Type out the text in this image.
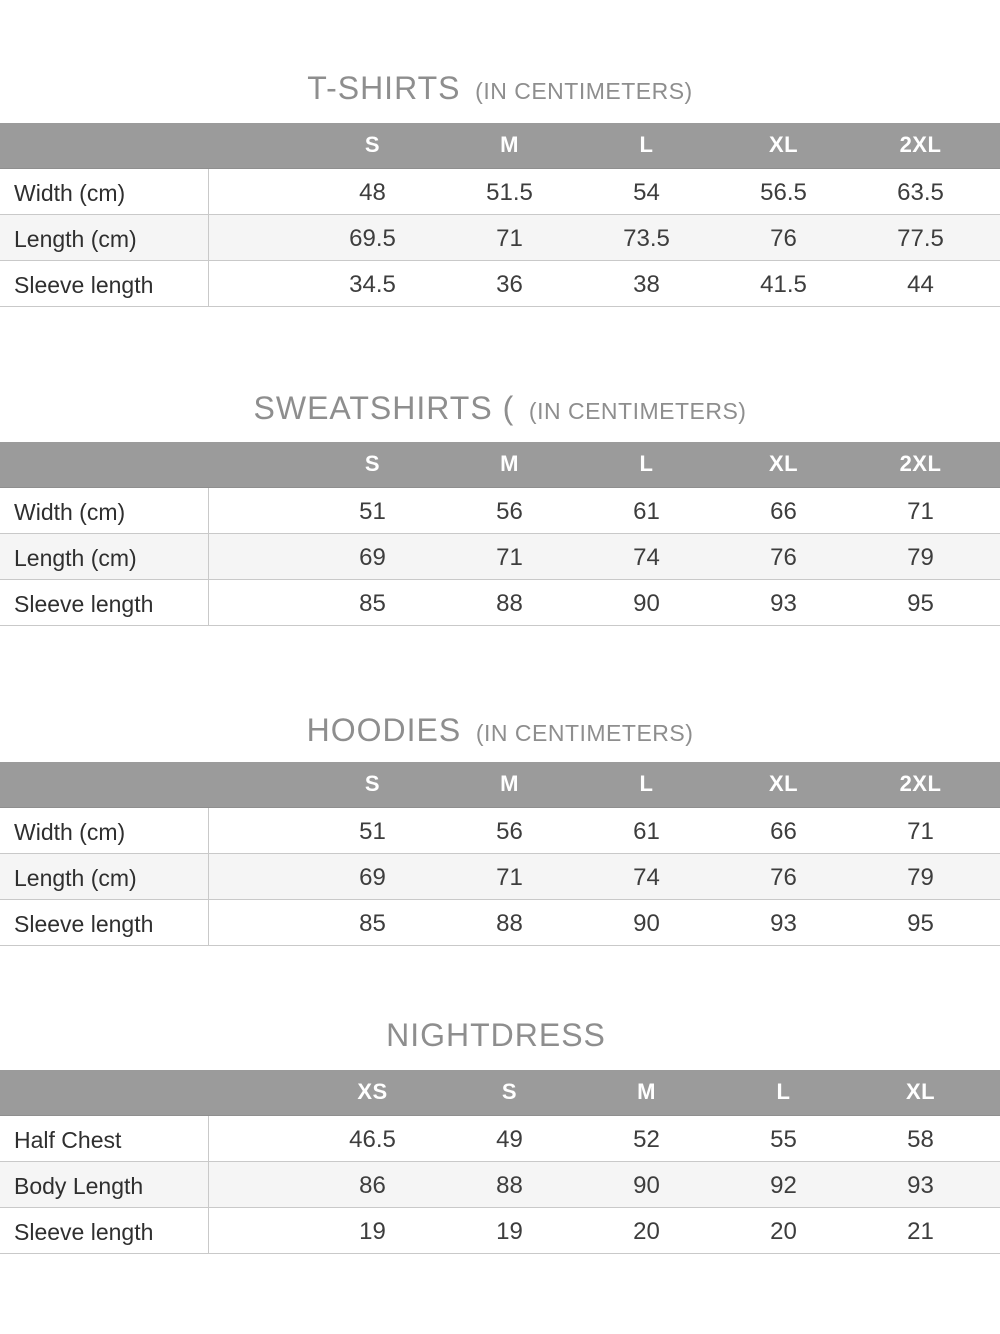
T-SHIRTS (IN CENTIMETERS)
		S	M	L	XL	2XL	
Width (cm)		48	51.5	54	56.5	63.5	
Length (cm)		69.5	71	73.5	76	77.5	
Sleeve length		34.5	36	38	41.5	44	
SWEATSHIRTS ( (IN CENTIMETERS)
		S	M	L	XL	2XL	
Width (cm)		51	56	61	66	71	
Length (cm)		69	71	74	76	79	
Sleeve length		85	88	90	93	95	
HOODIES (IN CENTIMETERS)
		S	M	L	XL	2XL	
Width (cm)		51	56	61	66	71	
Length (cm)		69	71	74	76	79	
Sleeve length		85	88	90	93	95	
NIGHTDRESS
		XS	S	M	L	XL	
Half Chest		46.5	49	52	55	58	
Body Length		86	88	90	92	93	
Sleeve length		19	19	20	20	21	
